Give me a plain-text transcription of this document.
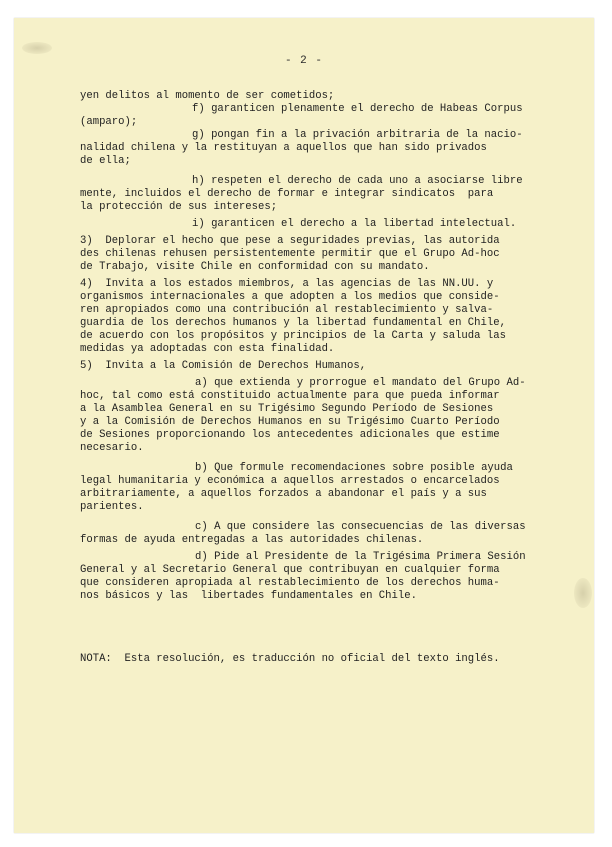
- 2 -
yen delitos al momento de ser cometidos;
f) garanticen plenamente el derecho de Habeas Corpus
(amparo);
g) pongan fin a la privación arbitraria de la nacio-
nalidad chilena y la restituyan a aquellos que han sido privados
de ella;
h) respeten el derecho de cada uno a asociarse libre
mente, incluidos el derecho de formar e integrar sindicatos  para
la protección de sus intereses;
i) garanticen el derecho a la libertad intelectual.
3)  Deplorar el hecho que pese a seguridades previas, las autorida
des chilenas rehusen persistentemente permitir que el Grupo Ad-hoc
de Trabajo, visite Chile en conformidad con su mandato.
4)  Invita a los estados miembros, a las agencias de las NN.UU. y
organismos internacionales a que adopten a los medios que conside-
ren apropiados como una contribución al restablecimiento y salva-
guardia de los derechos humanos y la libertad fundamental en Chile,
de acuerdo con los propósitos y principios de la Carta y saluda las
medidas ya adoptadas con esta finalidad.
5)  Invita a la Comisión de Derechos Humanos,
a) que extienda y prorrogue el mandato del Grupo Ad-
hoc, tal como está constituido actualmente para que pueda informar
a la Asamblea General en su Trigésimo Segundo Período de Sesiones
y a la Comisión de Derechos Humanos en su Trigésimo Cuarto Período
de Sesiones proporcionando los antecedentes adicionales que estime
necesario.
b) Que formule recomendaciones sobre posible ayuda
legal humanitaria y económica a aquellos arrestados o encarcelados
arbitrariamente, a aquellos forzados a abandonar el país y a sus
parientes.
c) A que considere las consecuencias de las diversas
formas de ayuda entregadas a las autoridades chilenas.
d) Pide al Presidente de la Trigésima Primera Sesión
General y al Secretario General que contribuyan en cualquier forma
que consideren apropiada al restablecimiento de los derechos huma-
nos básicos y las  libertades fundamentales en Chile.
NOTA:  Esta resolución, es traducción no oficial del texto inglés.
